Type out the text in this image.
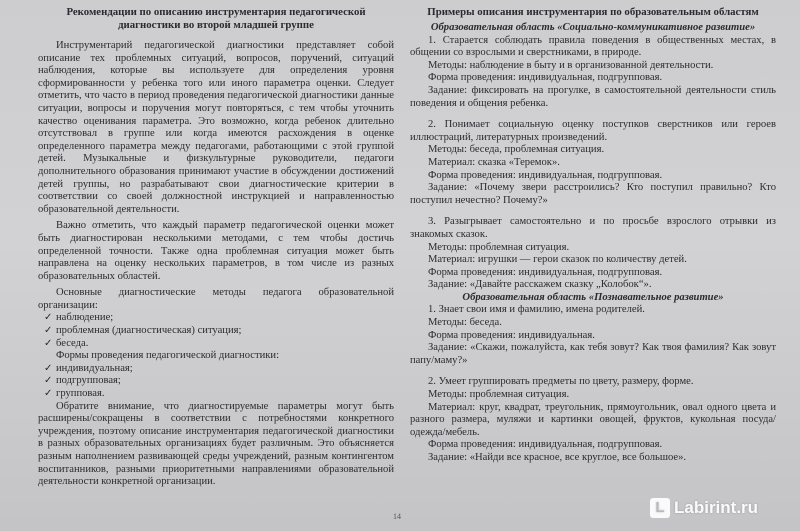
Рекомендации по описанию инструментария педагогической
диагностики во второй младшей группе

Инструментарий педагогической диагностики представляет собой описание тех проблемных ситуаций, вопросов, поручений, ситуаций наблюдения, которые вы используете для определения уровня сформированности у ребенка того или иного параметра оценки. Следует отметить, что часто в период проведения педагогической диагностики данные ситуации, вопросы и поручения могут повторяться, с тем чтобы уточнить качество оценивания параметра. Это возможно, когда ребенок длительно отсутствовал в группе или когда имеются расхождения в оценке определенного параметра между педагогами, работающими с этой группой детей. Музыкальные и физкультурные руководители, педагоги дополнительного образования принимают участие в обсуждении достижений детей группы, но разрабатывают свои диагностические критерии в соответствии со своей должностной инструкцией и направленностью образовательной деятельности.

Важно отметить, что каждый параметр педагогической оценки может быть диагностирован несколькими методами, с тем чтобы достичь определенной точности. Также одна проблемная ситуация может быть направлена на оценку нескольких параметров, в том числе из разных образовательных областей.

Основные диагностические методы педагога образовательной организации:

✓ наблюдение;
✓ проблемная (диагностическая) ситуация;
✓ беседа.

Формы проведения педагогической диагностики:

✓ индивидуальная;
✓ подгрупповая;
✓ групповая.

Обратите внимание, что диагностируемые параметры могут быть расширены/сокращены в соответствии с потребностями конкретного учреждения, поэтому описание инструментария педагогической диагностики в разных образовательных организациях будет различным. Это объясняется разным наполнением развивающей среды учреждений, разным контингентом воспитанников, разными приоритетными направлениями образовательной деятельности конкретной организации.

Примеры описания инструментария по образовательным областям

Образовательная область «Социально-коммуникативное развитие»

1. Старается соблюдать правила поведения в общественных местах, в общении со взрослыми и сверстниками, в природе.

Методы: наблюдение в быту и в организованной деятельности.

Форма проведения: индивидуальная, подгрупповая.

Задание: фиксировать на прогулке, в самостоятельной деятельности стиль поведения и общения ребенка.

2. Понимает социальную оценку поступков сверстников или героев иллюстраций, литературных произведений.

Методы: беседа, проблемная ситуация.

Материал: сказка «Теремок».

Форма проведения: индивидуальная, подгрупповая.

Задание: «Почему звери расстроились? Кто поступил правильно? Кто поступил нечестно? Почему?»

3. Разыгрывает самостоятельно и по просьбе взрослого отрывки из знакомых сказок.

Методы: проблемная ситуация.

Материал: игрушки — герои сказок по количеству детей.

Форма проведения: индивидуальная, подгрупповая.

Задание: «Давайте расскажем сказку „Колобок“».

Образовательная область «Познавательное развитие»

1. Знает свои имя и фамилию, имена родителей.

Методы: беседа.

Форма проведения: индивидуальная.

Задание: «Скажи, пожалуйста, как тебя зовут? Как твоя фамилия? Как зовут папу/маму?»

2. Умеет группировать предметы по цвету, размеру, форме.

Методы: проблемная ситуация.

Материал: круг, квадрат, треугольник, прямоугольник, овал одного цвета и разного размера, муляжи и картинки овощей, фруктов, кукольная посуда/одежда/мебель.

Форма проведения: индивидуальная, подгрупповая.

Задание: «Найди все красное, все круглое, все большое».

14
L Labirint.ru
